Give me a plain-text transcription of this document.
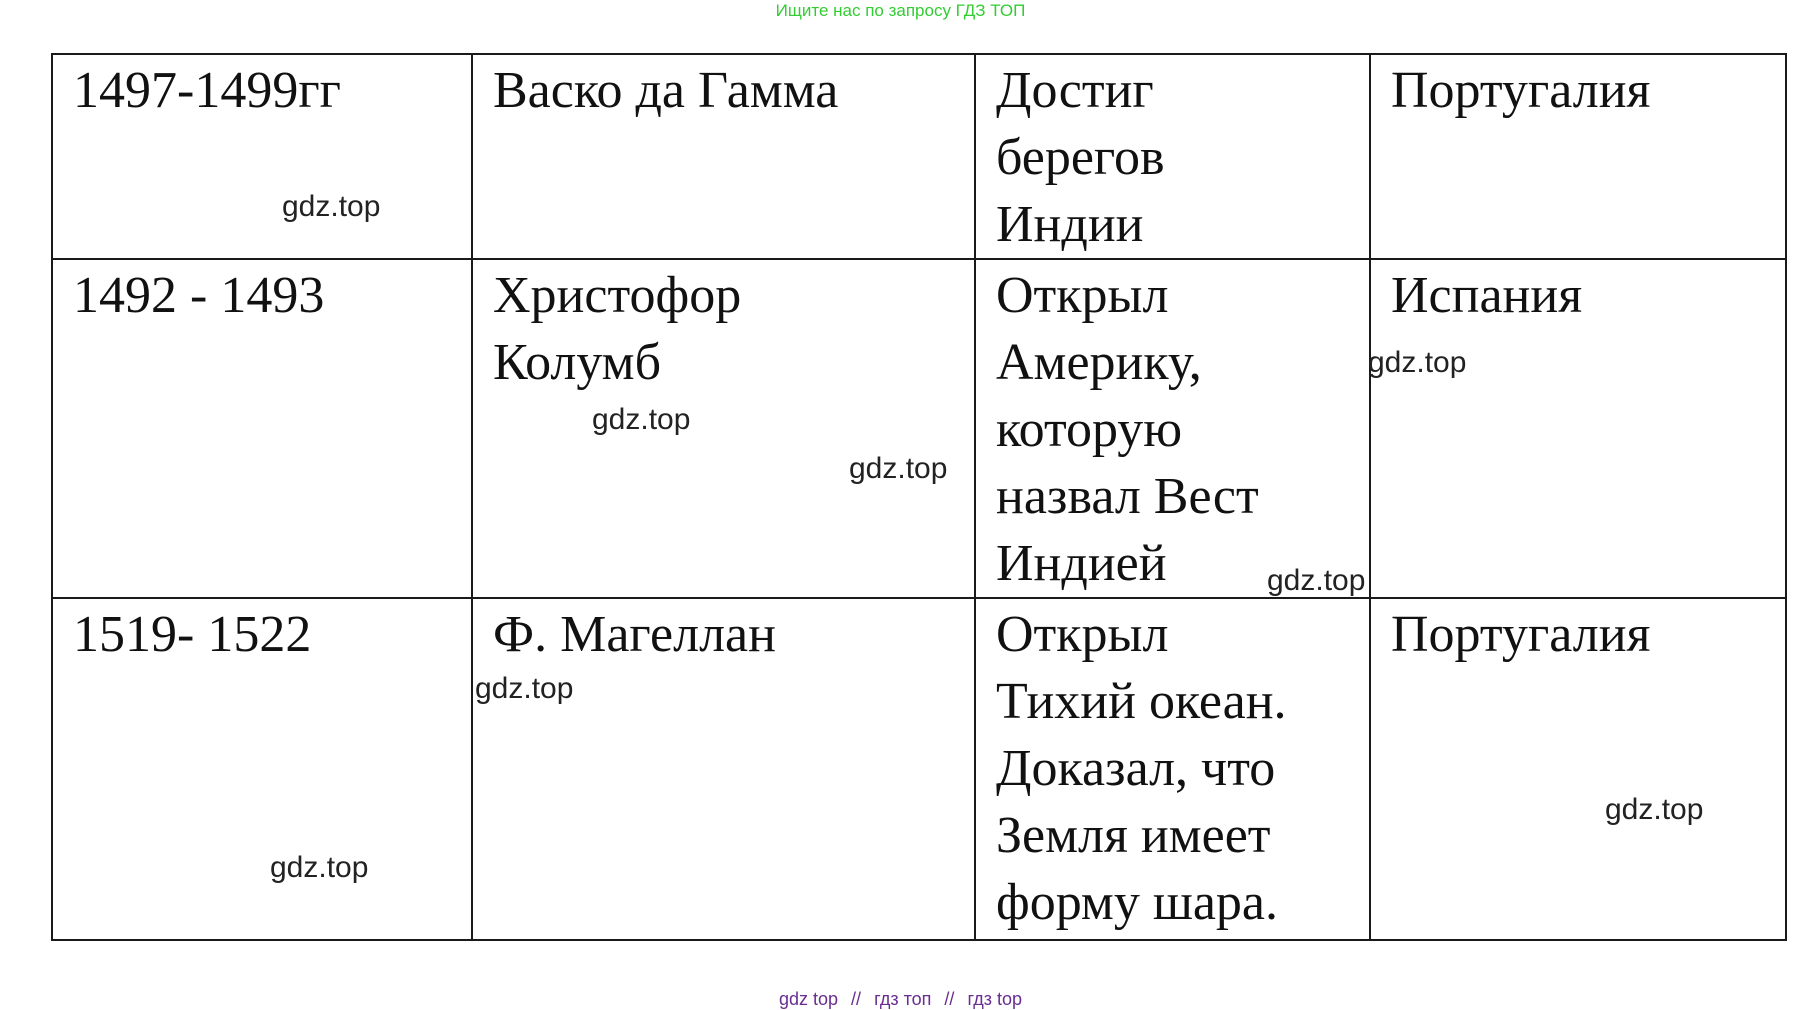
Ищите нас по запросу ГДЗ ТОП
1497-1499гг	Васко да Гамма	Достиг
берегов
Индии	Португалия

1492 - 1493	Христофор
Колумб	Открыл
Америку,
которую
назвал Вест
Индией	Испания

1519- 1522	Ф. Магеллан	Открыл
Тихий океан.
Доказал, что
Земля имеет
форму шара.	Португалия
gdz.top
gdz.top
gdz.top
gdz.top
gdz.top
gdz.top
gdz.top
gdz.top
gdz top // гдз топ // гдз top
